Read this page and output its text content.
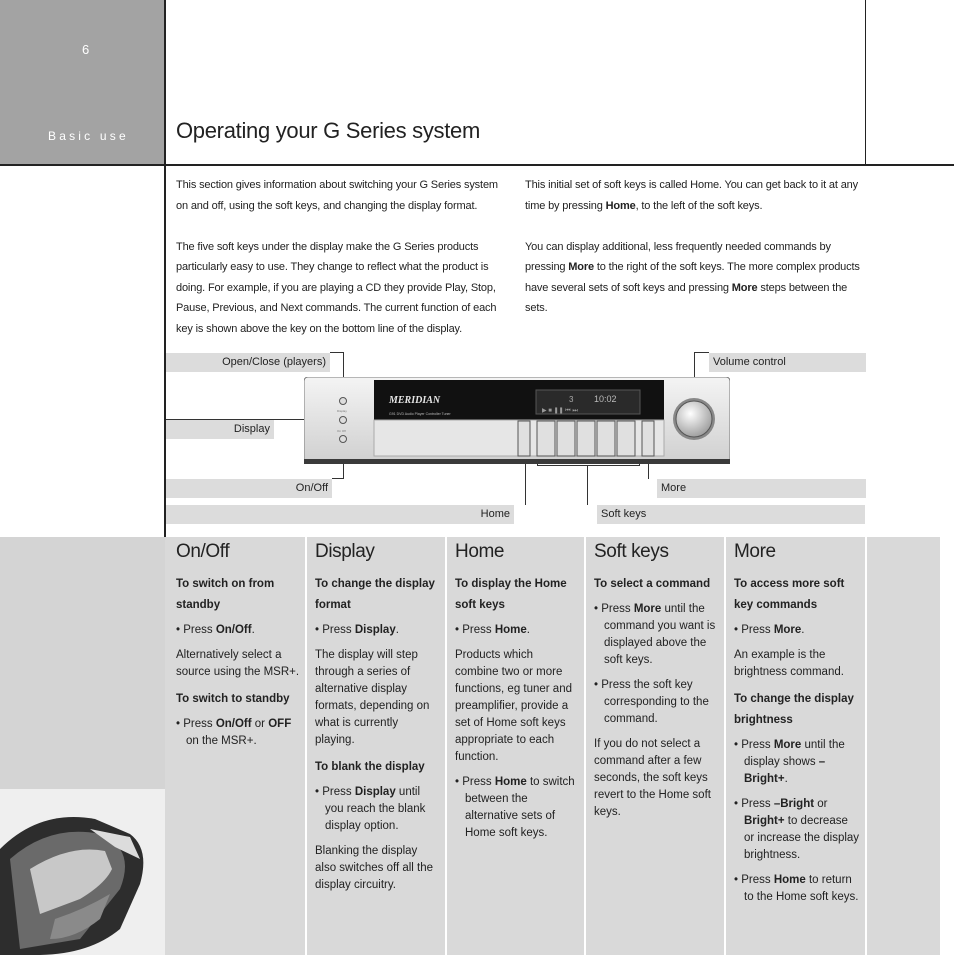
6
Basic use Operating your G Series system

This section gives information about switching your G Series system on and off, using the soft keys, and changing the display format.

The five soft keys under the display make the G Series products particularly easy to use. They change to reflect what the product is doing. For example, if you are playing a CD they provide Play, Stop, Pause, Previous, and Next commands. The current function of each key is shown above the key on the bottom line of the display.

This initial set of soft keys is called Home. You can get back to it at any time by pressing Home, to the left of the soft keys.

You can display additional, less frequently needed commands by pressing More to the right of the soft keys. The more complex products have several sets of soft keys and pressing More steps between the sets.

Open/Close (players)
Display
On/Off
Home	Soft keys
Volume control
More
MERIDIAN
G91 DVD Audio Player Controller Tuner
3 10:02
▶ ■ ❚❚ ⏮ ⏭
Display
On Off
On/Off
To switch on from standby

• Press On/Off.

Alternatively select a source using the MSR+.

To switch to standby

• Press On/Off or OFF on the MSR+.

Display
To change the display format

• Press Display.

The display will step through a series of alternative display formats, depending on what is currently playing.

To blank the display

• Press Display until you reach the blank display option.

Blanking the display also switches off all the display circuitry.

Home
To display the Home soft keys

• Press Home.

Products which combine two or more functions, eg tuner and preamplifier, provide a set of Home soft keys appropriate to each function.

• Press Home to switch between the alternative sets of Home soft keys.

Soft keys
To select a command

• Press More until the command you want is displayed above the soft keys.

• Press the soft key corresponding to the command.

If you do not select a command after a few seconds, the soft keys revert to the Home soft keys.

More
To access more soft key commands

• Press More.

An example is the brightness command.

To change the display brightness

• Press More until the display shows –Bright+.

• Press –Bright or Bright+ to decrease or increase the display brightness.

• Press Home to return to the Home soft keys.
